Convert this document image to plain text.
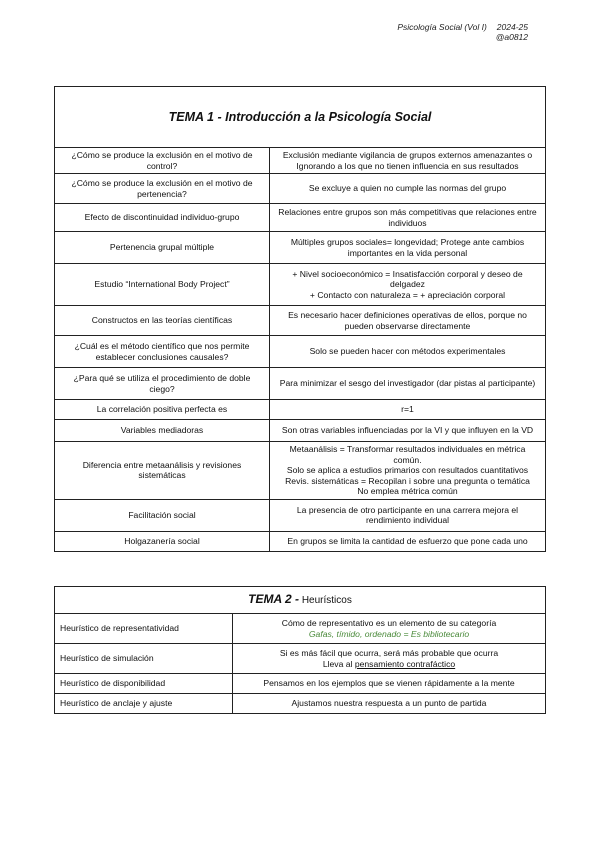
Psicología Social (Vol I) 2024-25
@a0812
TEMA 1 - Introducción a la Psicología Social	
¿Cómo se produce la exclusión en el motivo de control?	Exclusión mediante vigilancia de grupos externos amenazantes o
Ignorando a los que no tienen influencia en sus resultados

¿Cómo se produce la exclusión en el motivo de pertenencia?	Se excluye a quien no cumple las normas del grupo

Efecto de discontinuidad individuo-grupo	Relaciones entre grupos son más competitivas que relaciones entre
individuos

Pertenencia grupal múltiple	Múltiples grupos sociales= longevidad; Protege ante cambios
importantes en la vida personal

Estudio “International Body Project”	+ Nivel socioeconómico = Insatisfacción corporal y deseo de
delgadez
+ Contacto con naturaleza = + apreciación corporal

Constructos en las teorías científicas	Es necesario hacer definiciones operativas de ellos, porque no
pueden observarse directamente

¿Cuál es el método científico que nos permite establecer conclusiones causales?	Solo se pueden hacer con métodos experimentales

¿Para qué se utiliza el procedimiento de doble ciego?	Para minimizar el sesgo del investigador (dar pistas al participante)

La correlación positiva perfecta es	r=1

Variables mediadoras	Son otras variables influenciadas por la VI y que influyen en la VD

Diferencia entre metaanálisis y revisiones sistemáticas	Metaanálisis = Transformar resultados individuales en métrica común.
Solo se aplica a estudios primarios con resultados cuantitativos
Revis. sistemáticas = Recopilan i sobre una pregunta o temática
No emplea métrica común

Facilitación social	La presencia de otro participante en una carrera mejora el
rendimiento individual

Holgazanería social	En grupos se limita la cantidad de esfuerzo que pone cada uno
TEMA 2 - Heurísticos	
Heurístico de representatividad	Cómo de representativo es un elemento de su categoría
Gafas, tímido, ordenado = Es bibliotecario

Heurístico de simulación	Si es más fácil que ocurra, será más probable que ocurra
Lleva al pensamiento contrafáctico

Heurístico de disponibilidad	Pensamos en los ejemplos que se vienen rápidamente a la mente

Heurístico de anclaje y ajuste	Ajustamos nuestra respuesta a un punto de partida
